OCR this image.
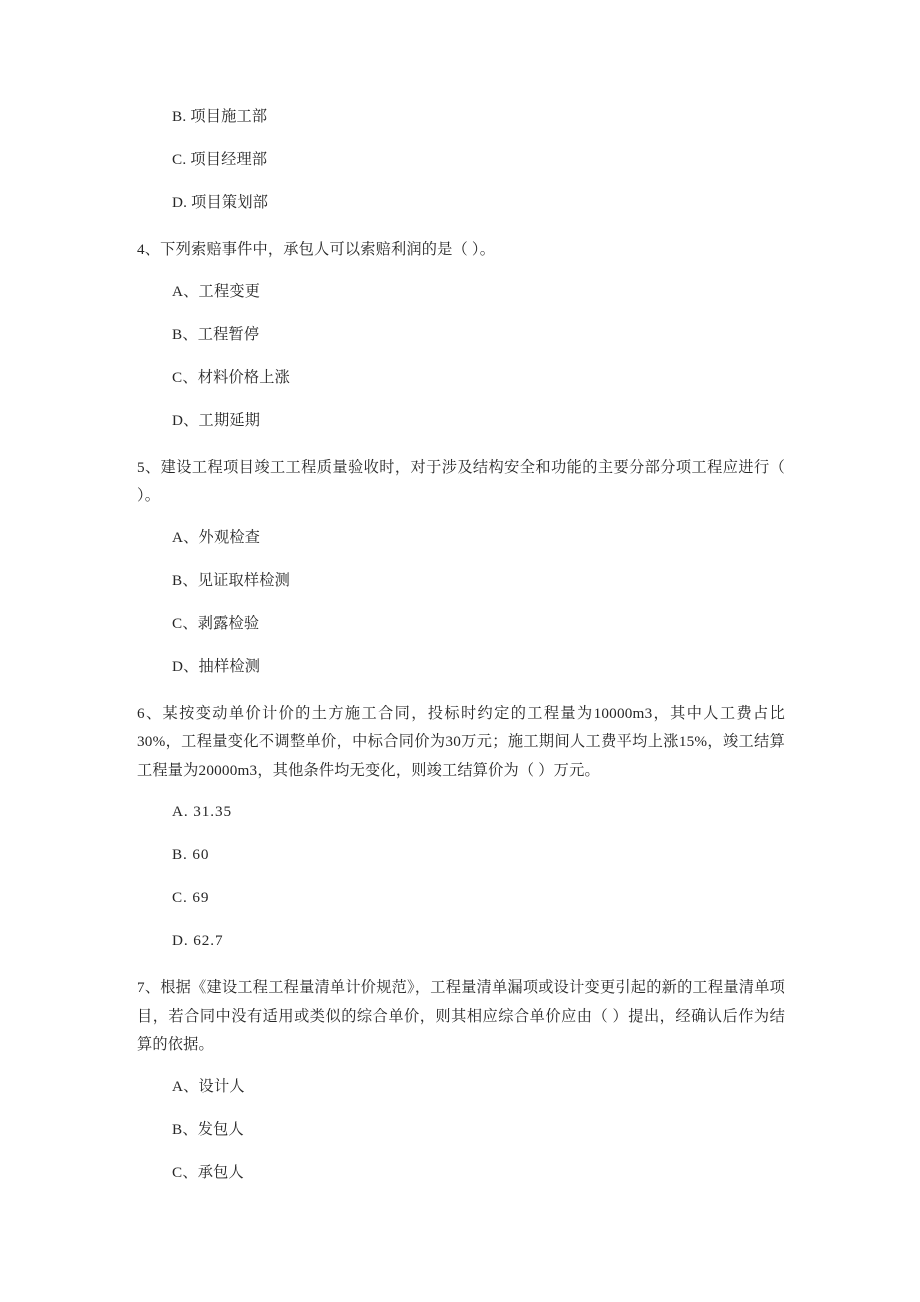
B. 项目施工部

C. 项目经理部

D. 项目策划部

4、下列索赔事件中，承包人可以索赔利润的是（ ）。

A、工程变更

B、工程暂停

C、材料价格上涨

D、工期延期

5、建设工程项目竣工工程质量验收时，对于涉及结构安全和功能的主要分部分项工程应进行（ ）。

A、外观检查

B、见证取样检测

C、剥露检验

D、抽样检测

6、某按变动单价计价的土方施工合同，投标时约定的工程量为10000m3，其中人工费占比30%，工程量变化不调整单价，中标合同价为30万元；施工期间人工费平均上涨15%，竣工结算工程量为20000m3，其他条件均无变化，则竣工结算价为（ ）万元。

A. 31.35

B. 60

C. 69

D. 62.7

7、根据《建设工程工程量清单计价规范》，工程量清单漏项或设计变更引起的新的工程量清单项目，若合同中没有适用或类似的综合单价，则其相应综合单价应由（ ）提出，经确认后作为结算的依据。

A、设计人

B、发包人

C、承包人
